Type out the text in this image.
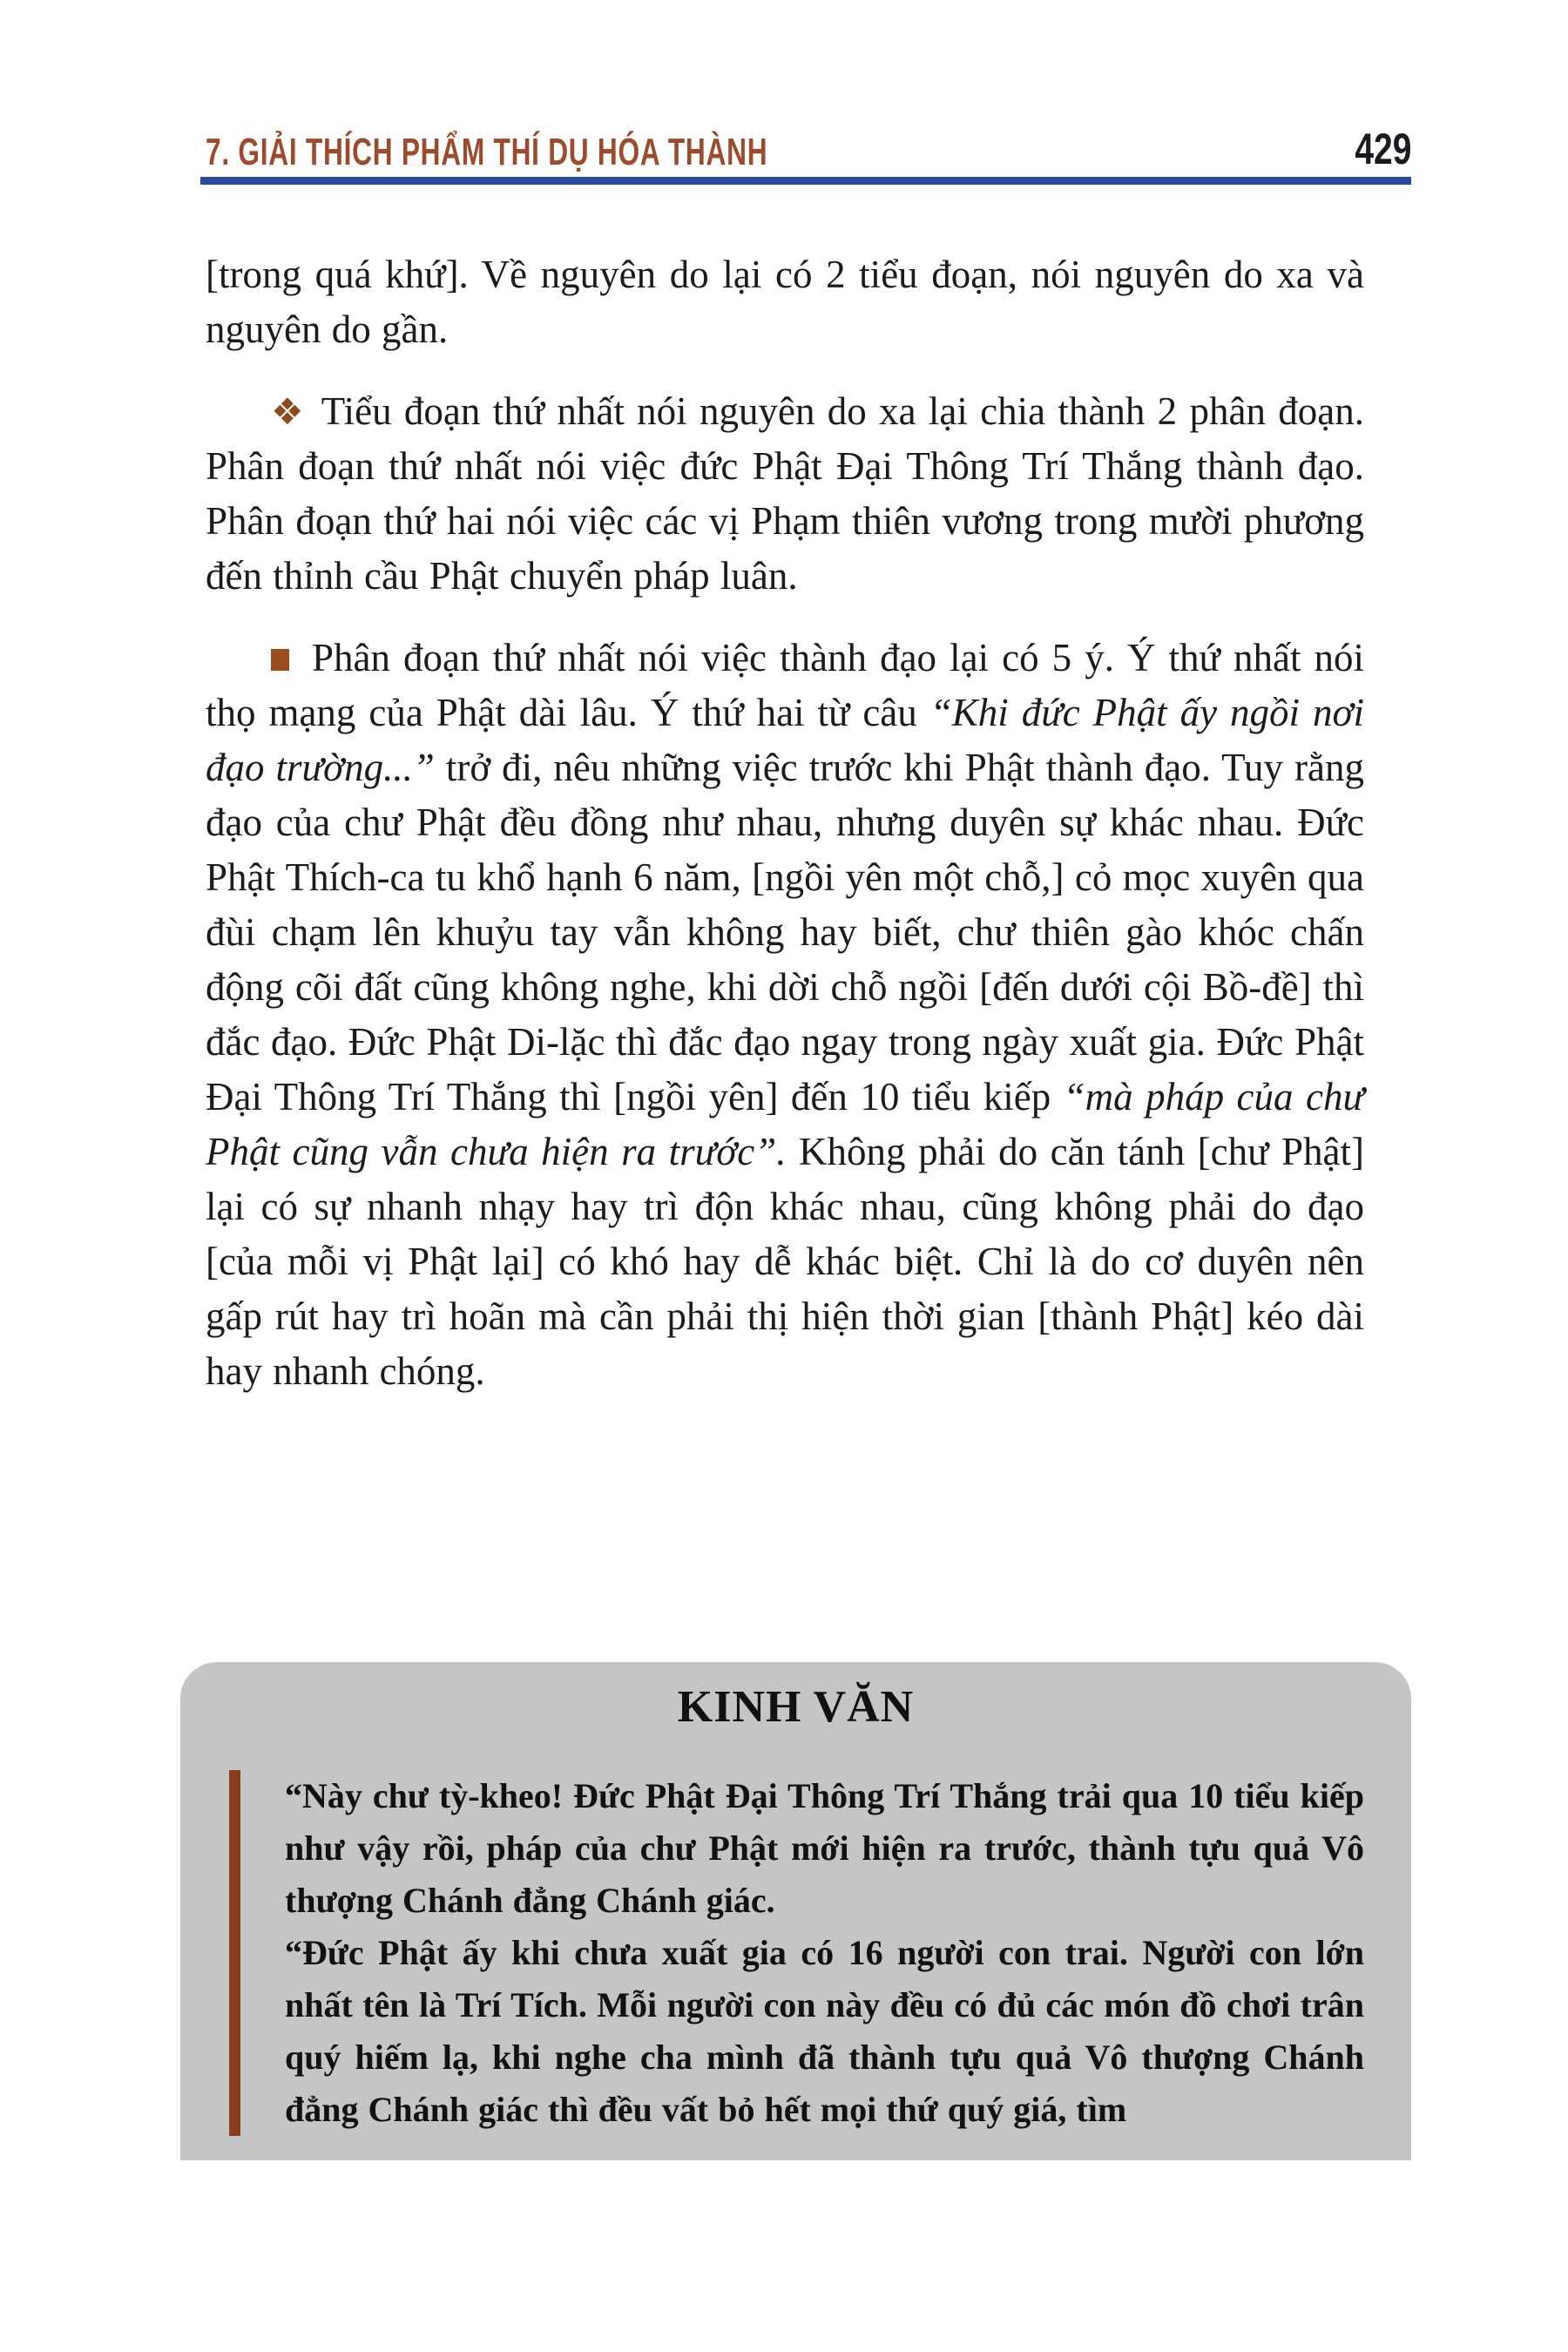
7. GIẢI THÍCH PHẨM THÍ DỤ HÓA THÀNH	429

[trong quá khứ]. Về nguyên do lại có 2 tiểu đoạn, nói nguyên do xa và nguyên do gần.

❖ Tiểu đoạn thứ nhất nói nguyên do xa lại chia thành 2 phân đoạn. Phân đoạn thứ nhất nói việc đức Phật Đại Thông Trí Thắng thành đạo. Phân đoạn thứ hai nói việc các vị Phạm thiên vương trong mười phương đến thỉnh cầu Phật chuyển pháp luân.

Phân đoạn thứ nhất nói việc thành đạo lại có 5 ý. Ý thứ nhất nói thọ mạng của Phật dài lâu. Ý thứ hai từ câu “Khi đức Phật ấy ngồi nơi đạo trường...” trở đi, nêu những việc trước khi Phật thành đạo. Tuy rằng đạo của chư Phật đều đồng như nhau, nhưng duyên sự khác nhau. Đức Phật Thích-ca tu khổ hạnh 6 năm, [ngồi yên một chỗ,] cỏ mọc xuyên qua đùi chạm lên khuỷu tay vẫn không hay biết, chư thiên gào khóc chấn động cõi đất cũng không nghe, khi dời chỗ ngồi [đến dưới cội Bồ-đề] thì đắc đạo. Đức Phật Di-lặc thì đắc đạo ngay trong ngày xuất gia. Đức Phật Đại Thông Trí Thắng thì [ngồi yên] đến 10 tiểu kiếp “mà pháp của chư Phật cũng vẫn chưa hiện ra trước”. Không phải do căn tánh [chư Phật] lại có sự nhanh nhạy hay trì độn khác nhau, cũng không phải do đạo [của mỗi vị Phật lại] có khó hay dễ khác biệt. Chỉ là do cơ duyên nên gấp rút hay trì hoãn mà cần phải thị hiện thời gian [thành Phật] kéo dài hay nhanh chóng.

KINH VĂN

“Này chư tỳ-kheo! Đức Phật Đại Thông Trí Thắng trải qua 10 tiểu kiếp như vậy rồi, pháp của chư Phật mới hiện ra trước, thành tựu quả Vô thượng Chánh đẳng Chánh giác.

“Đức Phật ấy khi chưa xuất gia có 16 người con trai. Người con lớn nhất tên là Trí Tích. Mỗi người con này đều có đủ các món đồ chơi trân quý hiếm lạ, khi nghe cha mình đã thành tựu quả Vô thượng Chánh đẳng Chánh giác thì đều vất bỏ hết mọi thứ quý giá, tìm
